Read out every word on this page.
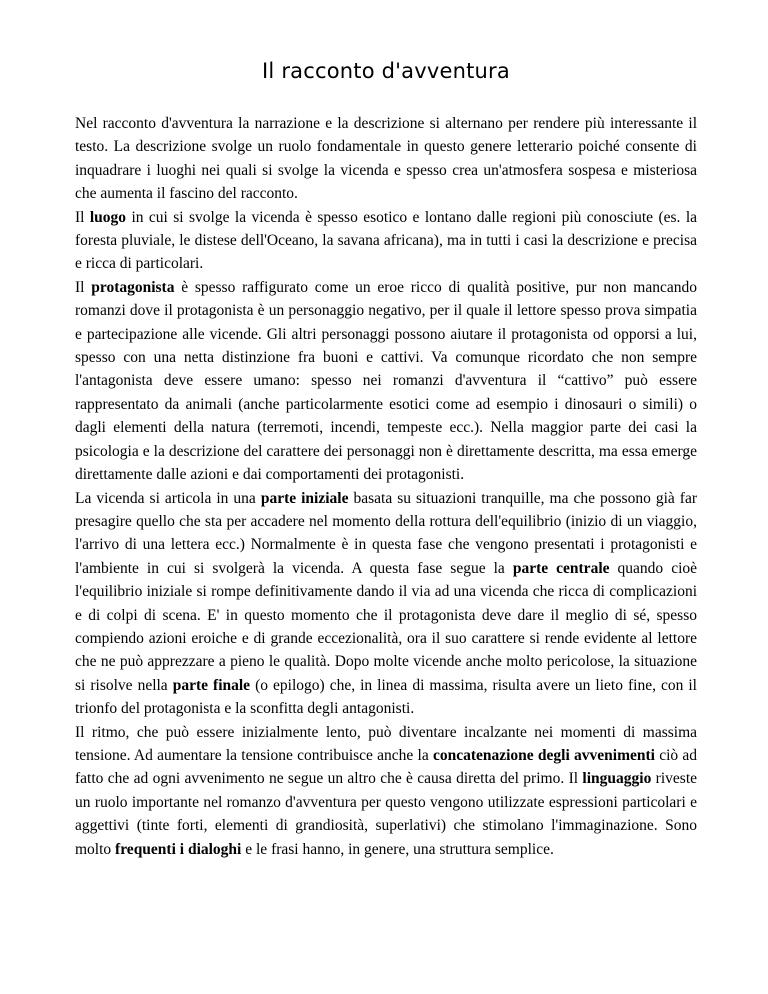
Il racconto d'avventura

Nel racconto d'avventura la narrazione e la descrizione si alternano per rendere più interessante il testo. La descrizione svolge un ruolo fondamentale in questo genere letterario poiché consente di inquadrare i luoghi nei quali si svolge la vicenda e spesso crea un'atmosfera sospesa e misteriosa che aumenta il fascino del racconto.

Il luogo in cui si svolge la vicenda è spesso esotico e lontano dalle regioni più conosciute (es. la foresta pluviale, le distese dell'Oceano, la savana africana), ma in tutti i casi la descrizione e precisa e ricca di particolari.

Il protagonista è spesso raffigurato come un eroe ricco di qualità positive, pur non mancando romanzi dove il protagonista è un personaggio negativo, per il quale il lettore spesso prova simpatia e partecipazione alle vicende. Gli altri personaggi possono aiutare il protagonista od opporsi a lui, spesso con una netta distinzione fra buoni e cattivi. Va comunque ricordato che non sempre l'antagonista deve essere umano: spesso nei romanzi d'avventura il “cattivo” può essere rappresentato da animali (anche particolarmente esotici come ad esempio i dinosauri o simili) o dagli elementi della natura (terremoti, incendi, tempeste ecc.). Nella maggior parte dei casi la psicologia e la descrizione del carattere dei personaggi non è direttamente descritta, ma essa emerge direttamente dalle azioni e dai comportamenti dei protagonisti.

La vicenda si articola in una parte iniziale basata su situazioni tranquille, ma che possono già far presagire quello che sta per accadere nel momento della rottura dell'equilibrio (inizio di un viaggio, l'arrivo di una lettera ecc.) Normalmente è in questa fase che vengono presentati i protagonisti e l'ambiente in cui si svolgerà la vicenda. A questa fase segue la parte centrale quando cioè l'equilibrio iniziale si rompe definitivamente dando il via ad una vicenda che ricca di complicazioni e di colpi di scena. E' in questo momento che il protagonista deve dare il meglio di sé, spesso compiendo azioni eroiche e di grande eccezionalità, ora il suo carattere si rende evidente al lettore che ne può apprezzare a pieno le qualità. Dopo molte vicende anche molto pericolose, la situazione si risolve nella parte finale (o epilogo) che, in linea di massima, risulta avere un lieto fine, con il trionfo del protagonista e la sconfitta degli antagonisti.

Il ritmo, che può essere inizialmente lento, può diventare incalzante nei momenti di massima tensione. Ad aumentare la tensione contribuisce anche la concatenazione degli avvenimenti ciò ad fatto che ad ogni avvenimento ne segue un altro che è causa diretta del primo. Il linguaggio riveste un ruolo importante nel romanzo d'avventura per questo vengono utilizzate espressioni particolari e aggettivi (tinte forti, elementi di grandiosità, superlativi) che stimolano l'immaginazione. Sono molto frequenti i dialoghi e le frasi hanno, in genere, una struttura semplice.
